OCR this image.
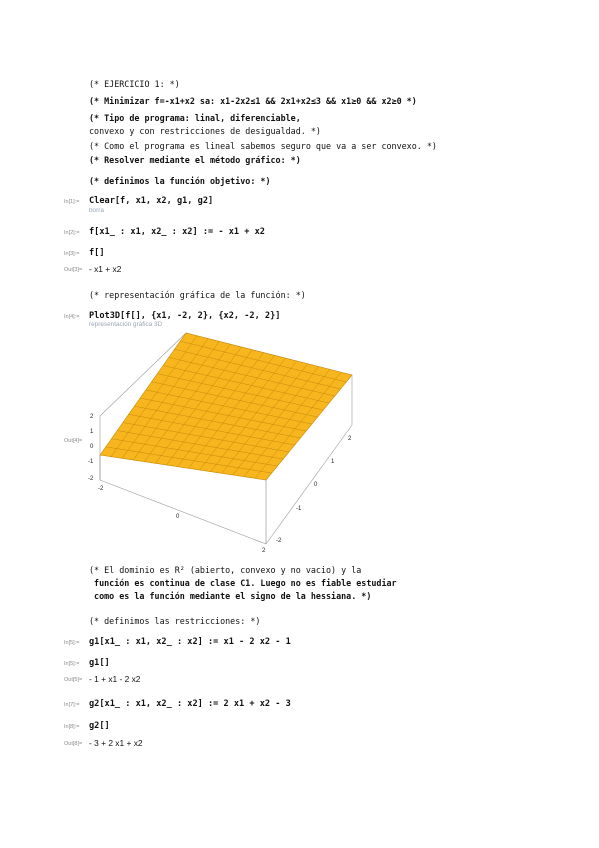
(* EJERCICIO 1: *)
(* Minimizar f=-x1+x2 sa: x1-2x2≤1 && 2x1+x2≤3 && x1≥0 && x2≥0 *)
(* Tipo de programa: linal, diferenciable,
convexo y con restricciones de desigualdad. *)
(* Como el programa es lineal sabemos seguro que va a ser convexo. *)
(* Resolver mediante el método gráfico: *)
(* definimos la función objetivo: *)
In[1]:= Clear[f, x1, x2, g1, g2]
borra
In[2]:= f[x1_ : x1, x2_ : x2] := - x1 + x2
In[3]:= f[]
Out[3]= - x1 + x2
(* representación gráfica de la función: *)
In[4]:= Plot3D[f[], {x1, -2, 2}, {x2, -2, 2}]
representación gráfica 3D
Out[4]=
2
1
0
-1
-2
-2
0
2
2
1
0
-1
-2
(* El dominio es R² (abierto, convexo y no vacio) y la
función es continua de clase C1. Luego no es fiable estudiar
como es la función mediante el signo de la hessiana. *)
(* definimos las restricciones: *)
In[5]:= g1[x1_ : x1, x2_ : x2] := x1 - 2 x2 - 1
In[5]:= g1[]
Out[5]= - 1 + x1 - 2 x2
In[7]:= g2[x1_ : x1, x2_ : x2] := 2 x1 + x2 - 3
In[8]:= g2[]
Out[8]= - 3 + 2 x1 + x2
